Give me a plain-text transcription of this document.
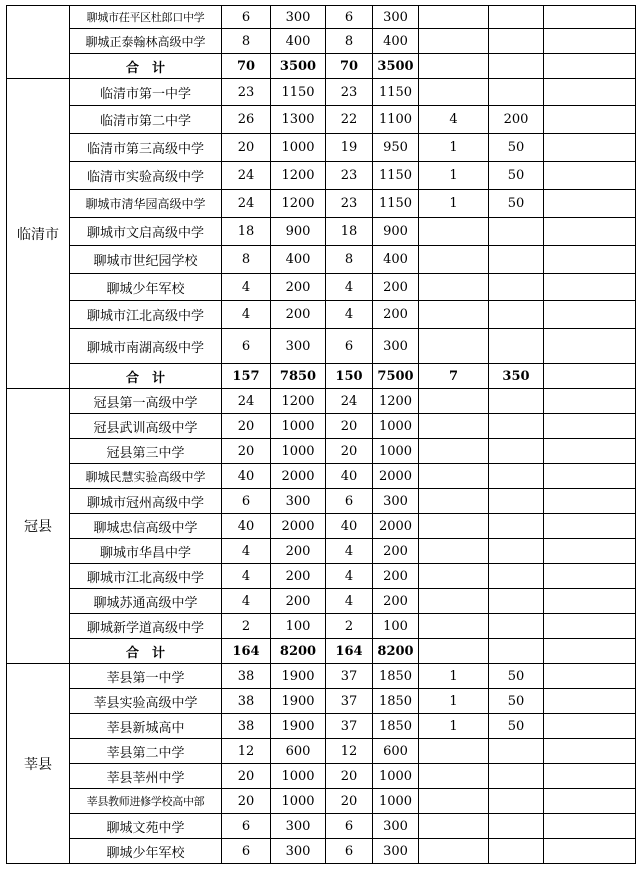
	聊城市茌平区杜郎口中学	6	300	6	300			
	聊城正泰翰林高级中学	8	400	8	400			
	合　计	70	3500	70	3500			
临清市	临清市第一中学	23	1150	23	1150			
	临清市第二中学	26	1300	22	1100	4	200	
	临清市第三高级中学	20	1000	19	950	1	50	
	临清市实验高级中学	24	1200	23	1150	1	50	
	聊城市清华园高级中学	24	1200	23	1150	1	50	
	聊城市文启高级中学	18	900	18	900			
	聊城市世纪园学校	8	400	8	400			
	聊城少年军校	4	200	4	200			
	聊城市江北高级中学	4	200	4	200			
	聊城市南湖高级中学	6	300	6	300			
	合　计	157	7850	150	7500	7	350	
冠县	冠县第一高级中学	24	1200	24	1200			
	冠县武训高级中学	20	1000	20	1000			
	冠县第三中学	20	1000	20	1000			
	聊城民慧实验高级中学	40	2000	40	2000			
	聊城市冠州高级中学	6	300	6	300			
	聊城忠信高级中学	40	2000	40	2000			
	聊城市华昌中学	4	200	4	200			
	聊城市江北高级中学	4	200	4	200			
	聊城苏通高级中学	4	200	4	200			
	聊城新学道高级中学	2	100	2	100			
	合　计	164	8200	164	8200			
莘县	莘县第一中学	38	1900	37	1850	1	50	
	莘县实验高级中学	38	1900	37	1850	1	50	
	莘县新城高中	38	1900	37	1850	1	50	
	莘县第二中学	12	600	12	600			
	莘县莘州中学	20	1000	20	1000			
	莘县教师进修学校高中部	20	1000	20	1000			
	聊城文苑中学	6	300	6	300			
	聊城少年军校	6	300	6	300			
